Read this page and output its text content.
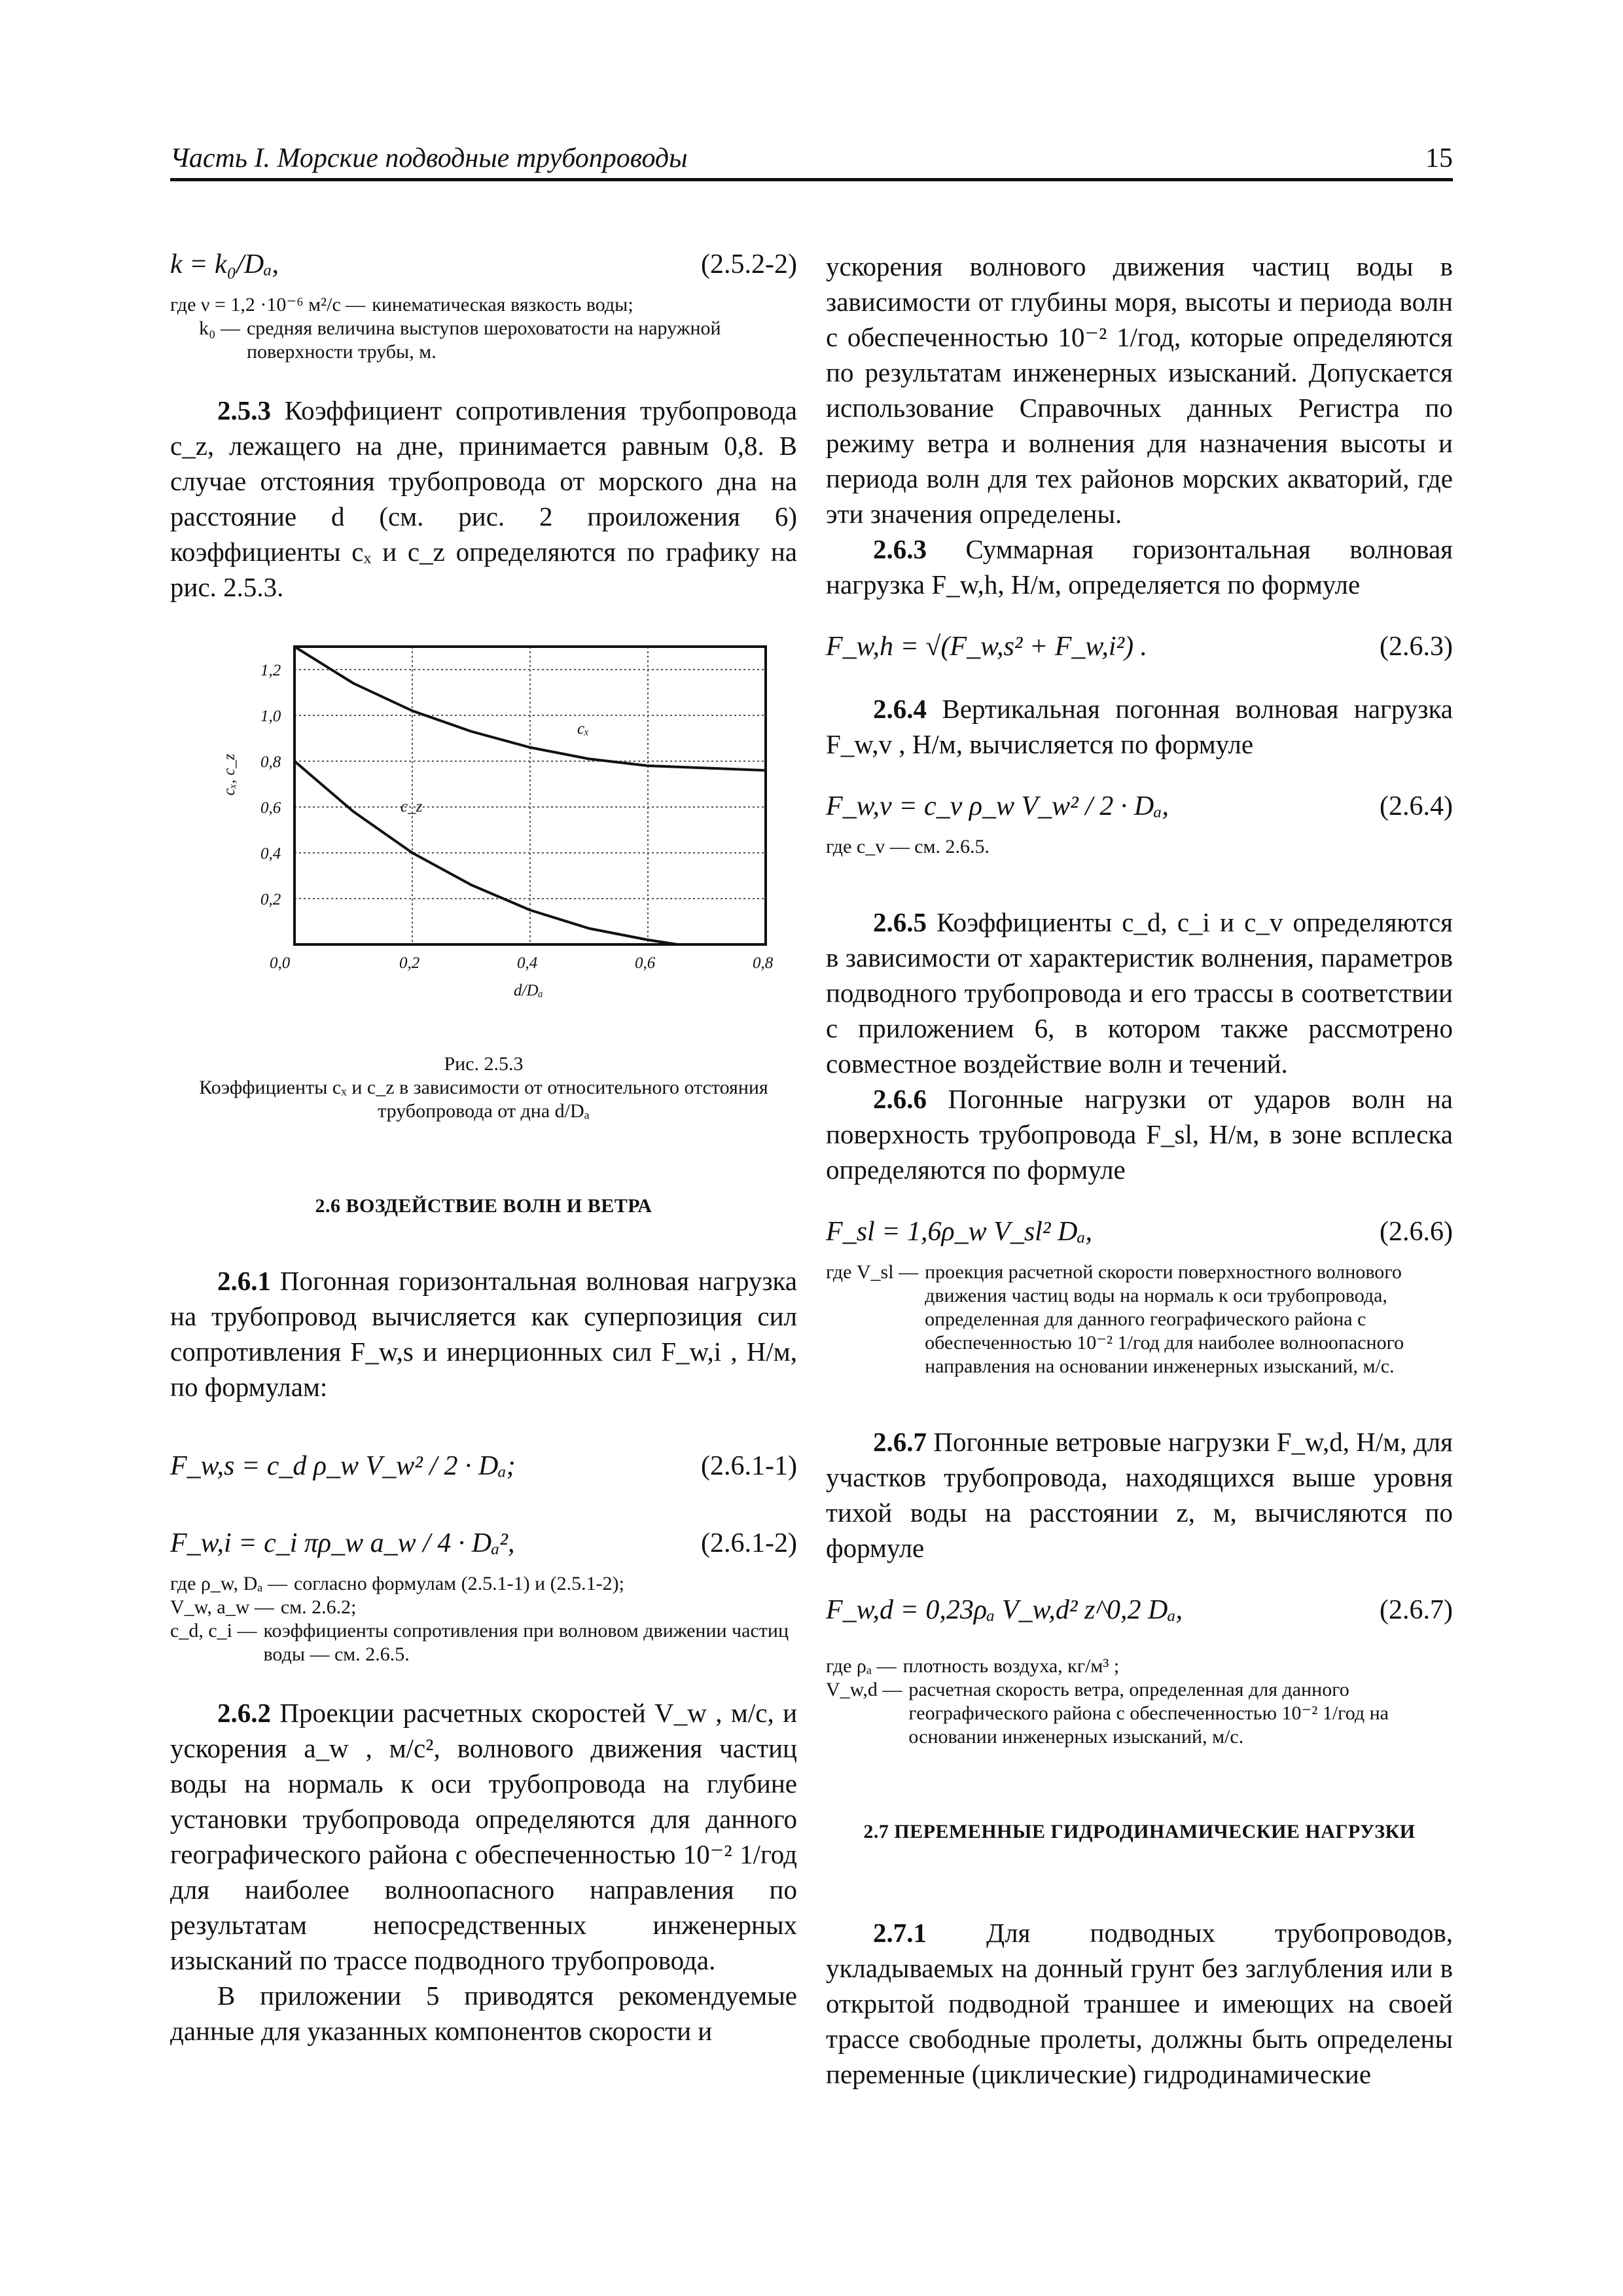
Часть I. Морские подводные трубопроводы	15
k = k₀/Dₐ,	(2.5.2-2)
где ν = 1,2 ·10⁻⁶ м²/с — кинематическая вязкость воды;
k₀ — средняя величина выступов шероховатости на наружной поверхности трубы, м.

2.5.3 Коэффициент сопротивления трубопровода c_z, лежащего на дне, принимается равным 0,8. В случае отстояния трубопровода от морского дна на расстояние d (см. рис. 2 проиложения 6) коэффициенты cₓ и c_z определяются по графику на рис. 2.5.3.

0,0	0,2	0,4	0,6	0,8
0,2
0,4
0,6
0,8
1,0
1,2
d/Dₐ
cₓ, c_z
cₓ
c_z
Рис. 2.5.3
Коэффициенты cₓ и c_z в зависимости от относительного отстояния трубопровода от дна d/Dₐ

2.6 ВОЗДЕЙСТВИЕ ВОЛН И ВЕТРА

2.6.1 Погонная горизонтальная волновая нагрузка на трубопровод вычисляется как суперпозиция сил сопротивления F_w,s и инерционных сил F_w,i , Н/м, по формулам:

F_w,s = c_d ρ_w V_w² / 2 · Dₐ;	(2.6.1-1)
F_w,i = c_i πρ_w a_w / 4 · Dₐ²,	(2.6.1-2)
где ρ_w, Dₐ — согласно формулам (2.5.1-1) и (2.5.1-2);
V_w, a_w — см. 2.6.2;
c_d, c_i — коэффициенты сопротивления при волновом движении частиц воды — см. 2.6.5.

2.6.2 Проекции расчетных скоростей V_w , м/с, и ускорения a_w , м/с², волнового движения частиц воды на нормаль к оси трубопровода на глубине установки трубопровода определяются для данного географического района с обеспеченностью 10⁻² 1/год для наиболее волноопасного направления по результатам непосредственных инженерных изысканий по трассе подводного трубопровода.

В приложении 5 приводятся рекомендуемые данные для указанных компонентов скорости и

ускорения волнового движения частиц воды в зависимости от глубины моря, высоты и периода волн с обеспеченностью 10⁻² 1/год, которые определяются по результатам инженерных изысканий. Допускается использование Справочных данных Регистра по режиму ветра и волнения для назначения высоты и периода волн для тех районов морских акваторий, где эти значения определены.

2.6.3 Суммарная горизонтальная волновая нагрузка F_w,h, Н/м, определяется по формуле

F_w,h = √(F_w,s² + F_w,i²) .	(2.6.3)

2.6.4 Вертикальная погонная волновая нагрузка F_w,v , Н/м, вычисляется по формуле

F_w,v = c_v ρ_w V_w² / 2 · Dₐ,	(2.6.4)
где c_v — см. 2.6.5.

2.6.5 Коэффициенты c_d, c_i и c_v определяются в зависимости от характеристик волнения, параметров подводного трубопровода и его трассы в соответствии с приложением 6, в котором также рассмотрено совместное воздействие волн и течений.

2.6.6 Погонные нагрузки от ударов волн на поверхность трубопровода F_sl, Н/м, в зоне всплеска определяются по формуле

F_sl = 1,6ρ_w V_sl² Dₐ,	(2.6.6)
где V_sl — проекция расчетной скорости поверхностного волнового движения частиц воды на нормаль к оси трубопровода, определенная для данного географического района с обеспеченностью 10⁻² 1/год для наиболее волноопасного направления на основании инженерных изысканий, м/с.

2.6.7 Погонные ветровые нагрузки F_w,d, Н/м, для участков трубопровода, находящихся выше уровня тихой воды на расстоянии z, м, вычисляются по формуле

F_w,d = 0,23ρₐ V_w,d² z^0,2 Dₐ,	(2.6.7)
где ρₐ — плотность воздуха, кг/м³ ;
V_w,d — расчетная скорость ветра, определенная для данного географического района с обеспеченностью 10⁻² 1/год на основании инженерных изысканий, м/с.

2.7 ПЕРЕМЕННЫЕ ГИДРОДИНАМИЧЕСКИЕ НАГРУЗКИ

2.7.1 Для подводных трубопроводов, укладываемых на донный грунт без заглубления или в открытой подводной траншее и имеющих на своей трассе свободные пролеты, должны быть определены переменные (циклические) гидродинамические
